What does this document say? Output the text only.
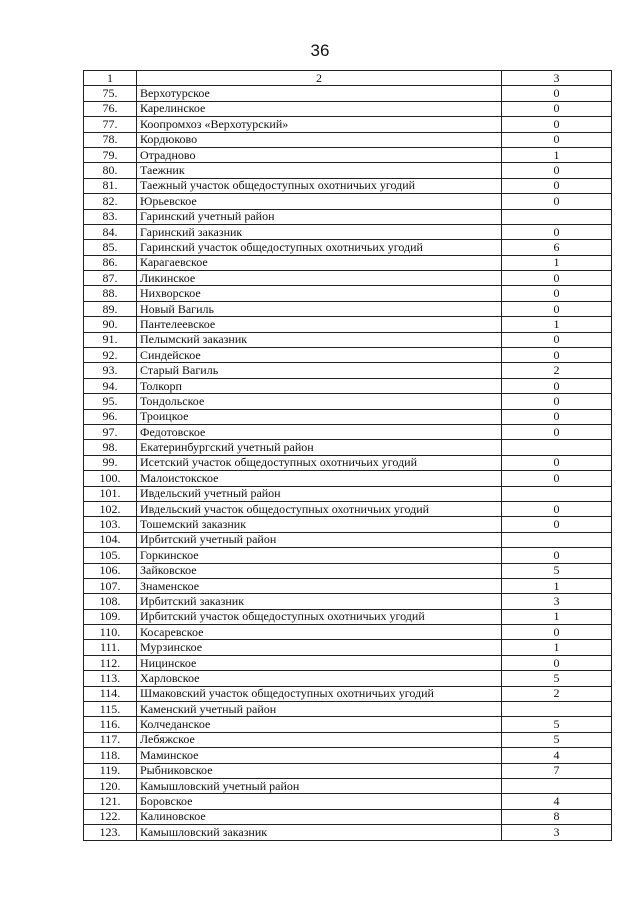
36
1	2	3
75.	Верхотурское	0
76.	Карелинское	0
77.	Коопромхоз «Верхотурский»	0
78.	Кордюково	0
79.	Отрадново	1
80.	Таежник	0
81.	Таежный участок общедоступных охотничьих угодий	0
82.	Юрьевское	0
83.	Гаринский учетный район	
84.	Гаринский заказник	0
85.	Гаринский участок общедоступных охотничьих угодий	6
86.	Карагаевское	1
87.	Ликинское	0
88.	Нихворское	0
89.	Новый Вагиль	0
90.	Пантелеевское	1
91.	Пелымский заказник	0
92.	Синдейское	0
93.	Старый Вагиль	2
94.	Толкорп	0
95.	Тондольское	0
96.	Троицкое	0
97.	Федотовское	0
98.	Екатеринбургский учетный район	
99.	Исетский участок общедоступных охотничьих угодий	0
100.	Малоистокское	0
101.	Ивдельский учетный район	
102.	Ивдельский участок общедоступных охотничьих угодий	0
103.	Тошемский заказник	0
104.	Ирбитский учетный район	
105.	Горкинское	0
106.	Зайковское	5
107.	Знаменское	1
108.	Ирбитский заказник	3
109.	Ирбитский участок общедоступных охотничьих угодий	1
110.	Косаревское	0
111.	Мурзинское	1
112.	Ницинское	0
113.	Харловское	5
114.	Шмаковский участок общедоступных охотничьих угодий	2
115.	Каменский учетный район	
116.	Колчеданское	5
117.	Лебяжское	5
118.	Маминское	4
119.	Рыбниковское	7
120.	Камышловский учетный район	
121.	Боровское	4
122.	Калиновское	8
123.	Камышловский заказник	3
